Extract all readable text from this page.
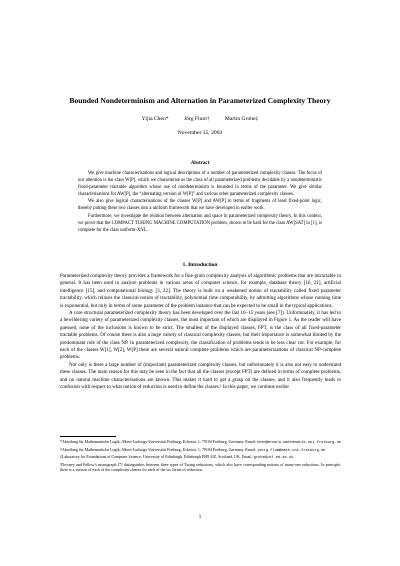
Bounded Nondeterminism and Alternation in Parameterized Complexity Theory
Yijia Chen*	Jörg Flum†	Martin Grohe‡
November 15, 2003
Abstract

We give machine characterisations and logical descriptions of a number of parameterized complexity classes. The focus of our attention is the class W[P], which we characterise as the class of all parameterized problems decidable by a nondeterministic fixed-parameter tractable algorithm whose use of nondeterminism is bounded in terms of the parameter. We give similar characterisations for AW[P], the “alternating version of W[P]” and various other parameterized complexity classes.

We also give logical characterisations of the classes W[P] and AW[P] in terms of fragments of least fixed-point logic, thereby putting these two classes into a uniform framework that we have developed in earlier work.

Furthermore, we investigate the relation between alternation and space in parameterized complexity theory. In this context, we prove that the COMPACT TURING MACHINE COMPUTATION problem, shown to be hard for the class AW[SAT] in [1], is complete for the class uniform-XNL.

1. Introduction

Parameterized complexity theory provides a framework for a fine-grain complexity analysis of algorithmic problems that are intractable in general. It has been used to analyse problems in various areas of computer science, for example, database theory [16, 21], artificial intelligence [15], and computational biology [3, 22]. The theory is built on a weakened notion of tractability called fixed parameter tractability, which relaxes the classical notion of tractability, polynomial time computability, by admitting algorithms whose running time is exponential, but only in terms of some parameter of the problem instance that can be expected to be small in the typical applications.

A core structural parameterized complexity theory has been developed over the last 10–15 years (see [7]). Unfortunately, it has led to a bewildering variety of parameterized complexity classes, the most important of which are displayed in Figure 1. As the reader will have guessed, none of the inclusions is known to be strict. The smallest of the displayed classes, FPT, is the class of all fixed-parameter tractable problems. Of course there is also a huge variety of classical complexity classes, but their importance is somewhat limited by the predominant role of the class NP. In parameterized complexity, the classification of problems tends to be less clear cut. For example, for each of the classes W[1], W[2], W[P] there are several natural complete problems which are parameterizations of classical NP-complete problems.

Not only is there a large number of (important) parameterized complexity classes, but unfortunately it is also not easy to understand these classes. The main reason for this may be seen in the fact that all the classes (except FPT) are defined in terms of complete problems, and no natural machine characterisations are known. This makes it hard to get a grasp on the classes, and it also frequently leads to confusion with respect to what notion of reduction is used to define the classes.¹ In this paper, we continue earlier

*Abteilung für Mathematische Logik, Albert-Ludwigs-Universität Freiburg, Eckerstr. 1, 79104 Freiburg, Germany. Email: chen@ermelo.mathematik.uni-freiburg.de
†Abteilung für Mathematische Logik, Albert-Ludwigs-Universität Freiburg, Eckerstr. 1, 79104 Freiburg, Germany. Email: joerg.flum@math.uni-freiburg.de
‡Laboratory for Foundations of Computer Science, University of Edinburgh, Edinburgh EH9 3JZ, Scotland, UK. Email: grohe@inf.ed.ac.uk
¹Downey and Fellow’s monograph [7] distinguishes between three types of Turing reductions, which also have corresponding notions of many-one reductions. In principle, there is a version of each of the complexity classes for each of the six forms of reduction.
1
